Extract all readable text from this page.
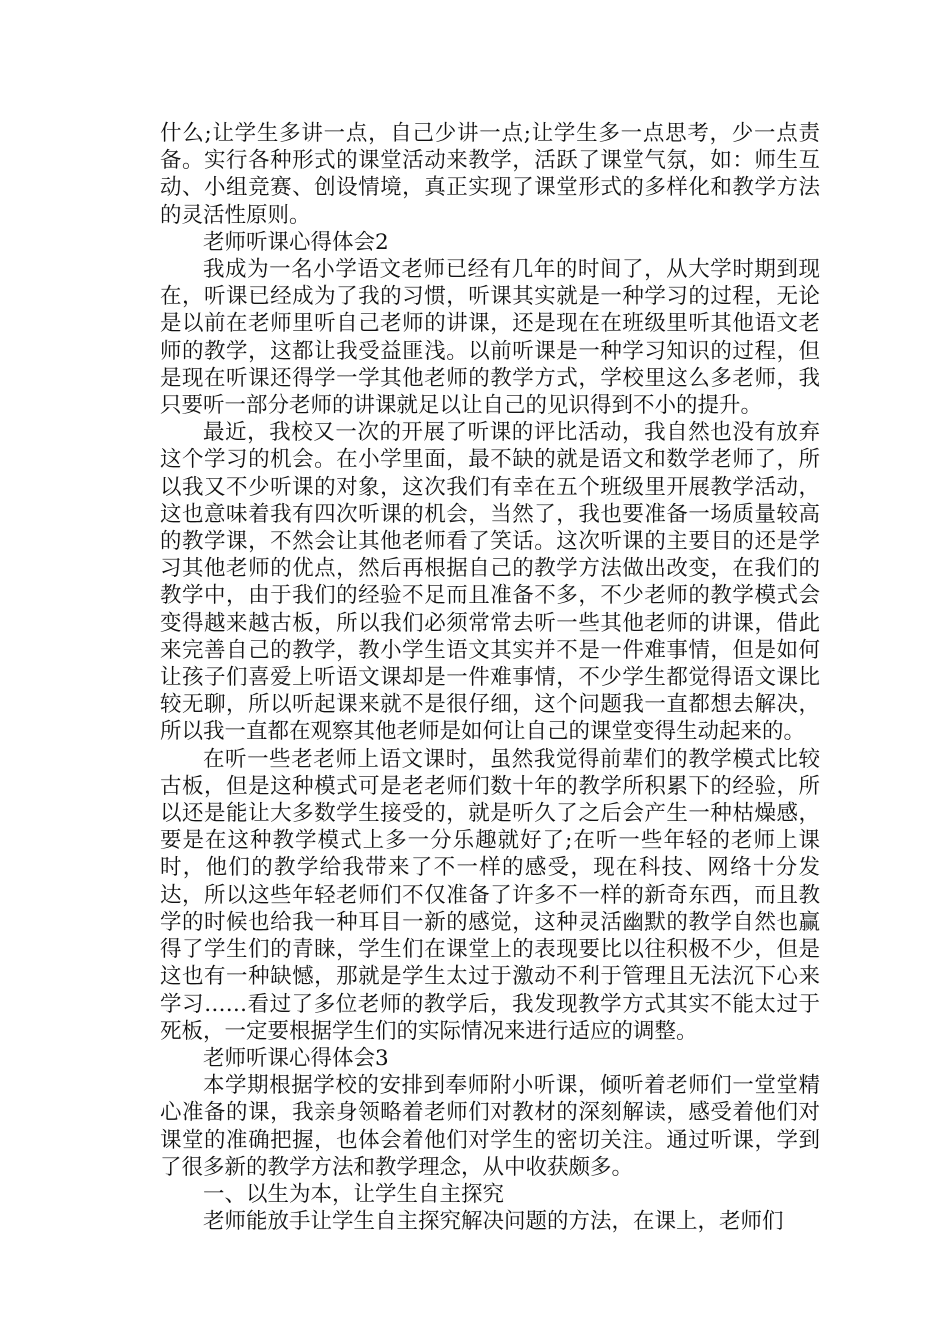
什么;让学生多讲一点，自己少讲一点;让学生多一点思考，少一点责备。实行各种形式的课堂活动来教学，活跃了课堂气氛，如：师生互动、小组竞赛、创设情境，真正实现了课堂形式的多样化和教学方法的灵活性原则。

老师听课心得体会2

我成为一名小学语文老师已经有几年的时间了，从大学时期到现在，听课已经成为了我的习惯，听课其实就是一种学习的过程，无论是以前在老师里听自己老师的讲课，还是现在在班级里听其他语文老师的教学，这都让我受益匪浅。以前听课是一种学习知识的过程，但是现在听课还得学一学其他老师的教学方式，学校里这么多老师，我只要听一部分老师的讲课就足以让自己的见识得到不小的提升。

最近，我校又一次的开展了听课的评比活动，我自然也没有放弃这个学习的机会。在小学里面，最不缺的就是语文和数学老师了，所以我又不少听课的对象，这次我们有幸在五个班级里开展教学活动，这也意味着我有四次听课的机会，当然了，我也要准备一场质量较高的教学课，不然会让其他老师看了笑话。这次听课的主要目的还是学习其他老师的优点，然后再根据自己的教学方法做出改变，在我们的教学中，由于我们的经验不足而且准备不多，不少老师的教学模式会变得越来越古板，所以我们必须常常去听一些其他老师的讲课，借此来完善自己的教学，教小学生语文其实并不是一件难事情，但是如何让孩子们喜爱上听语文课却是一件难事情，不少学生都觉得语文课比较无聊，所以听起课来就不是很仔细，这个问题我一直都想去解决，所以我一直都在观察其他老师是如何让自己的课堂变得生动起来的。

在听一些老老师上语文课时，虽然我觉得前辈们的教学模式比较古板，但是这种模式可是老老师们数十年的教学所积累下的经验，所以还是能让大多数学生接受的，就是听久了之后会产生一种枯燥感，要是在这种教学模式上多一分乐趣就好了;在听一些年轻的老师上课时，他们的教学给我带来了不一样的感受，现在科技、网络十分发达，所以这些年轻老师们不仅准备了许多不一样的新奇东西，而且教学的时候也给我一种耳目一新的感觉，这种灵活幽默的教学自然也赢得了学生们的青睐，学生们在课堂上的表现要比以往积极不少，但是这也有一种缺憾，那就是学生太过于激动不利于管理且无法沉下心来学习……看过了多位老师的教学后，我发现教学方式其实不能太过于死板，一定要根据学生们的实际情况来进行适应的调整。

老师听课心得体会3

本学期根据学校的安排到奉师附小听课，倾听着老师们一堂堂精心准备的课，我亲身领略着老师们对教材的深刻解读，感受着他们对课堂的准确把握，也体会着他们对学生的密切关注。通过听课，学到了很多新的教学方法和教学理念，从中收获颇多。

一、以生为本，让学生自主探究

老师能放手让学生自主探究解决问题的方法，在课上，老师们
